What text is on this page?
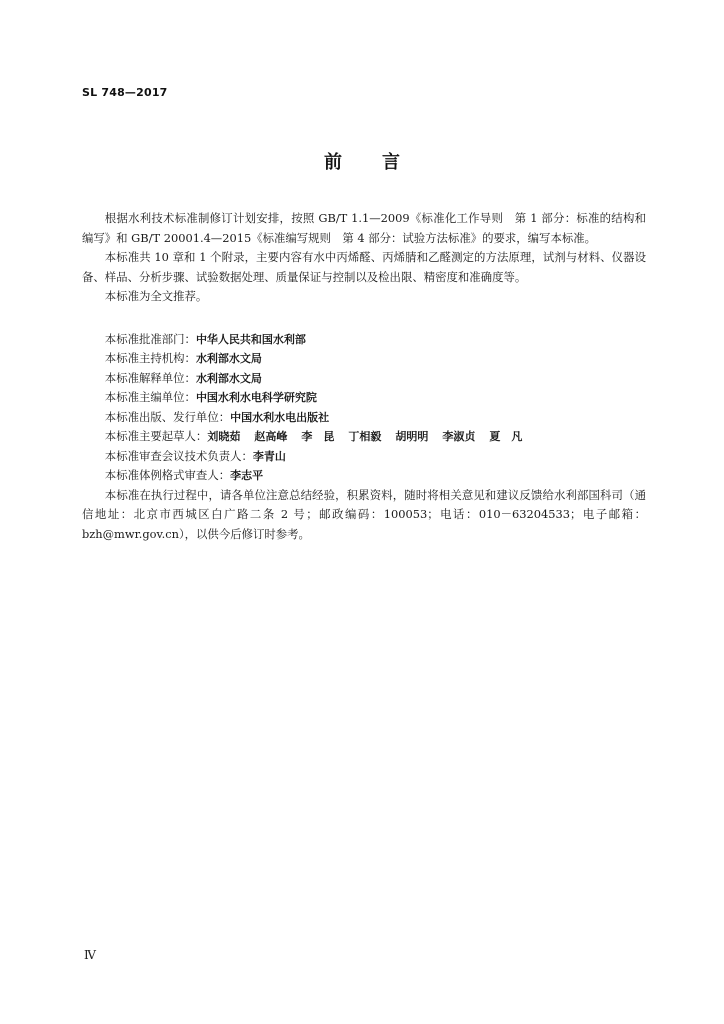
SL 748—2017
前言

根据水利技术标准制修订计划安排，按照 GB/T 1.1—2009《标准化工作导则　第 1 部分：标准的结构和编写》和 GB/T 20001.4—2015《标准编写规则　第 4 部分：试验方法标准》的要求，编写本标准。

本标准共 10 章和 1 个附录，主要内容有水中丙烯醛、丙烯腈和乙醛测定的方法原理，试剂与材料、仪器设备、样品、分析步骤、试验数据处理、质量保证与控制以及检出限、精密度和准确度等。

本标准为全文推荐。

本标准批准部门：中华人民共和国水利部

本标准主持机构：水利部水文局

本标准解释单位：水利部水文局

本标准主编单位：中国水利水电科学研究院

本标准出版、发行单位：中国水利水电出版社

本标准主要起草人：刘晓茹 赵高峰 李　昆 丁相毅 胡明明 李淑贞 夏　凡

本标准审查会议技术负责人：李青山

本标准体例格式审查人：李志平

本标准在执行过程中，请各单位注意总结经验，积累资料，随时将相关意见和建议反馈给水利部国科司（通信地址：北京市西城区白广路二条 2 号；邮政编码：100053；电话：010－63204533；电子邮箱：bzh@mwr.gov.cn），以供今后修订时参考。

Ⅳ
